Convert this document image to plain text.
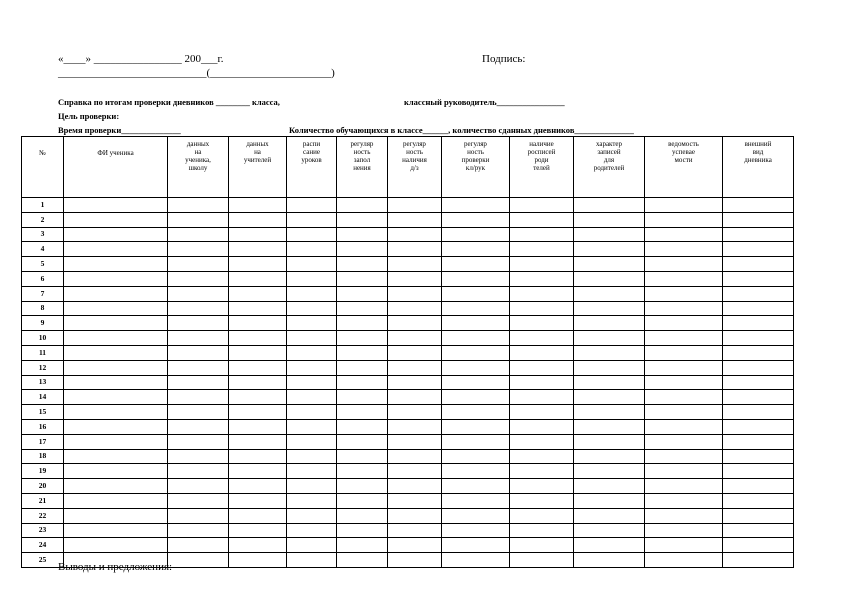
«____» ________________ 200___г.	Подпись:
___________________________(______________________)
Справка по итогам проверки дневников ________ класса,	классный руководитель________________
Цель проверки:
Время проверки______________	Количество обучающихся в классе______, количество сданных дневников______________
№	ФИ ученика	данных
на
ученика,
школу	данных
на
учителей	распи
сание
уроков	регуляр
ность
запол
нения	регуляр
ность
наличия
д/з	регуляр
ность
проверки
кл/рук	наличие
росписей
роди
телей	характер
записей
для
родителей	ведомость
успевае
мости	внешний
вид
дневника
1											
2											
3											
4											
5											
6											
7											
8											
9											
10											
11											
12											
13											
14											
15											
16											
17											
18											
19											
20											
21											
22											
23											
24											
25											
Выводы и предложения:
